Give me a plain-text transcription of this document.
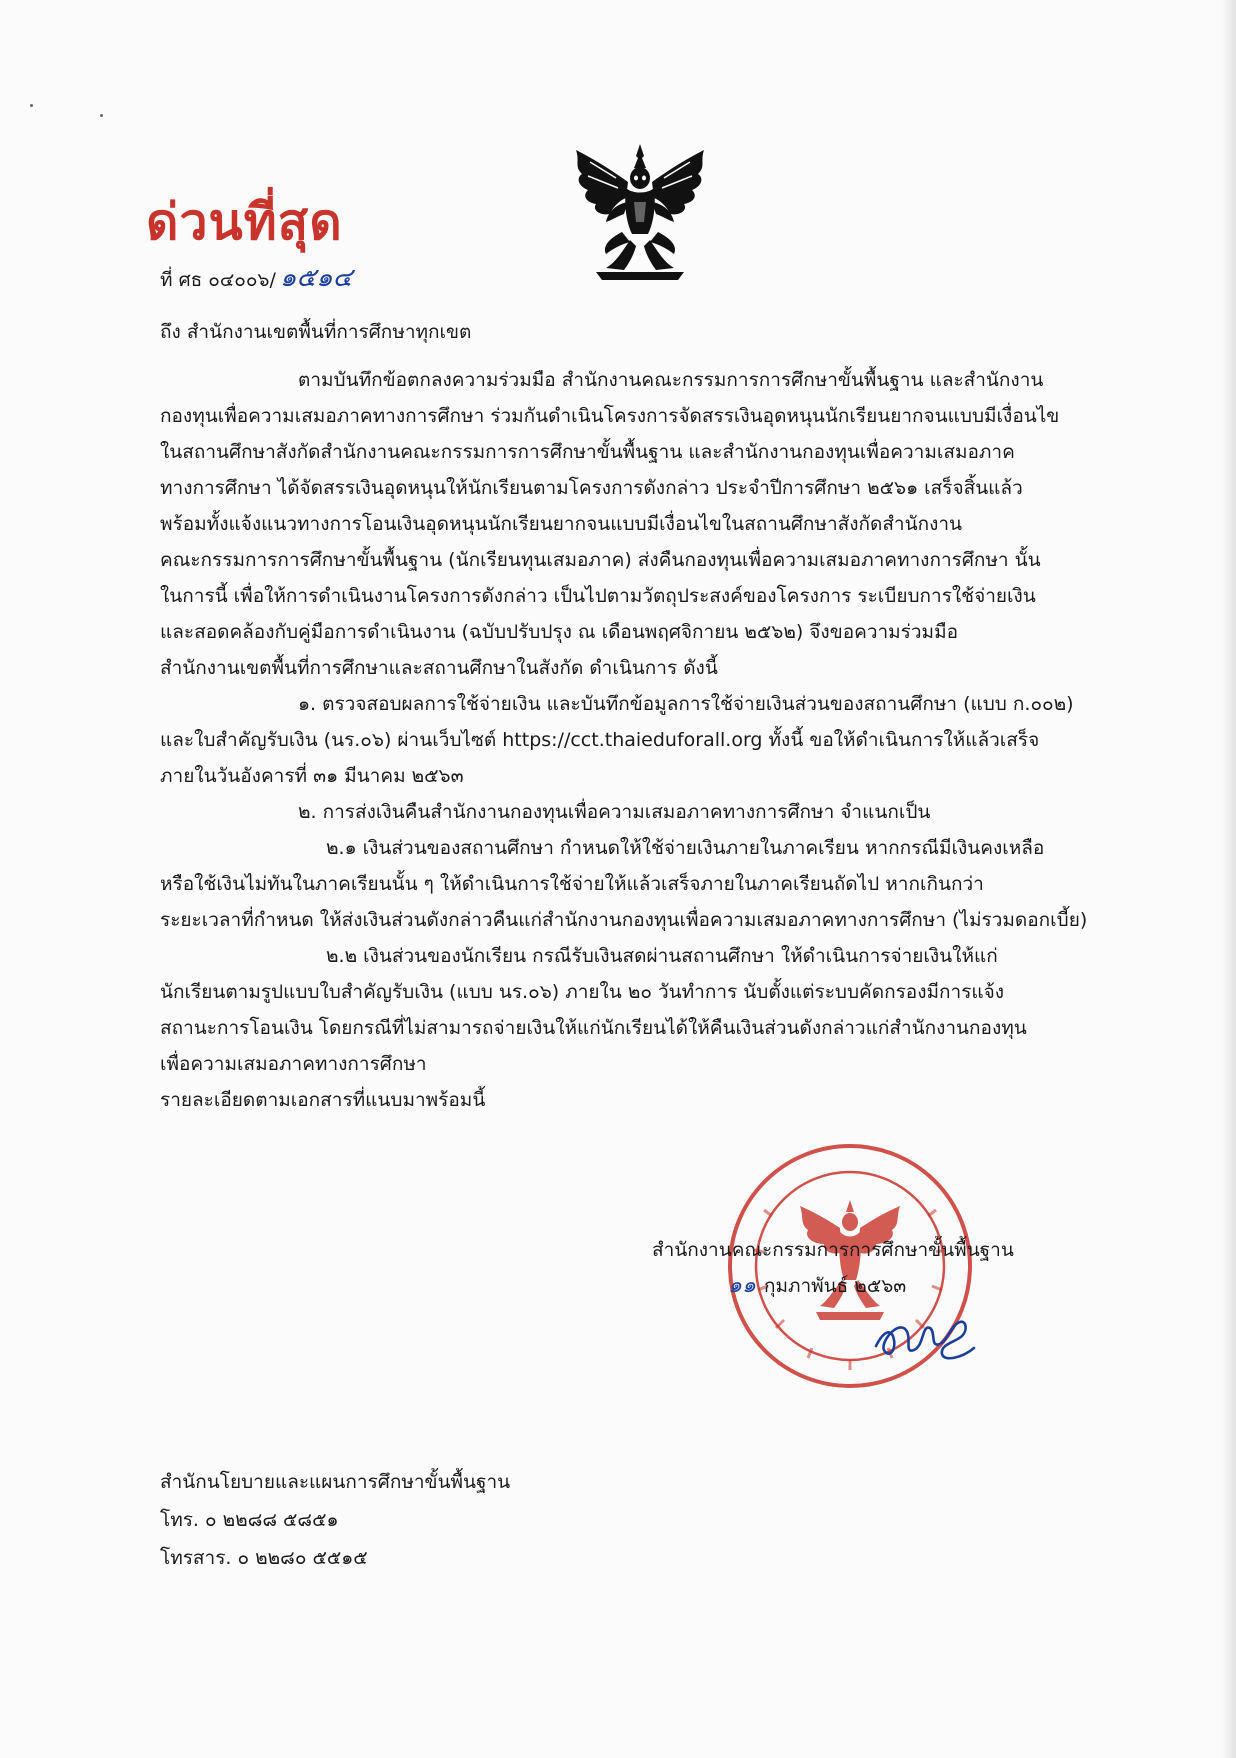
ด่วนที่สุด
ที่ ศธ ๐๔๐๐๖/ ๑๕๑๔
ถึง สำนักงานเขตพื้นที่การศึกษาทุกเขต
ตามบันทึกข้อตกลงความร่วมมือ สำนักงานคณะกรรมการการศึกษาขั้นพื้นฐาน และสำนักงาน
กองทุนเพื่อความเสมอภาคทางการศึกษา ร่วมกันดำเนินโครงการจัดสรรเงินอุดหนุนนักเรียนยากจนแบบมีเงื่อนไข
ในสถานศึกษาสังกัดสำนักงานคณะกรรมการการศึกษาขั้นพื้นฐาน และสำนักงานกองทุนเพื่อความเสมอภาค
ทางการศึกษา ได้จัดสรรเงินอุดหนุนให้นักเรียนตามโครงการดังกล่าว ประจำปีการศึกษา ๒๕๖๑ เสร็จสิ้นแล้ว
พร้อมทั้งแจ้งแนวทางการโอนเงินอุดหนุนนักเรียนยากจนแบบมีเงื่อนไขในสถานศึกษาสังกัดสำนักงาน
คณะกรรมการการศึกษาขั้นพื้นฐาน (นักเรียนทุนเสมอภาค) ส่งคืนกองทุนเพื่อความเสมอภาคทางการศึกษา นั้น
ในการนี้ เพื่อให้การดำเนินงานโครงการดังกล่าว เป็นไปตามวัตถุประสงค์ของโครงการ ระเบียบการใช้จ่ายเงิน
และสอดคล้องกับคู่มือการดำเนินงาน (ฉบับปรับปรุง ณ เดือนพฤศจิกายน ๒๕๖๒) จึงขอความร่วมมือ
สำนักงานเขตพื้นที่การศึกษาและสถานศึกษาในสังกัด ดำเนินการ ดังนี้
๑. ตรวจสอบผลการใช้จ่ายเงิน และบันทึกข้อมูลการใช้จ่ายเงินส่วนของสถานศึกษา (แบบ ก.๐๐๒)
และใบสำคัญรับเงิน (นร.๐๖) ผ่านเว็บไซต์ https://cct.thaieduforall.org ทั้งนี้ ขอให้ดำเนินการให้แล้วเสร็จ
ภายในวันอังคารที่ ๓๑ มีนาคม ๒๕๖๓
๒. การส่งเงินคืนสำนักงานกองทุนเพื่อความเสมอภาคทางการศึกษา จำแนกเป็น
๒.๑ เงินส่วนของสถานศึกษา กำหนดให้ใช้จ่ายเงินภายในภาคเรียน หากกรณีมีเงินคงเหลือ
หรือใช้เงินไม่ทันในภาคเรียนนั้น ๆ ให้ดำเนินการใช้จ่ายให้แล้วเสร็จภายในภาคเรียนถัดไป หากเกินกว่า
ระยะเวลาที่กำหนด ให้ส่งเงินส่วนดังกล่าวคืนแก่สำนักงานกองทุนเพื่อความเสมอภาคทางการศึกษา (ไม่รวมดอกเบี้ย)
๒.๒ เงินส่วนของนักเรียน กรณีรับเงินสดผ่านสถานศึกษา ให้ดำเนินการจ่ายเงินให้แก่
นักเรียนตามรูปแบบใบสำคัญรับเงิน (แบบ นร.๐๖) ภายใน ๒๐ วันทำการ นับตั้งแต่ระบบคัดกรองมีการแจ้ง
สถานะการโอนเงิน โดยกรณีที่ไม่สามารถจ่ายเงินให้แก่นักเรียนได้ให้คืนเงินส่วนดังกล่าวแก่สำนักงานกองทุน
เพื่อความเสมอภาคทางการศึกษา
รายละเอียดตามเอกสารที่แนบมาพร้อมนี้
สำนักงานคณะกรรมการการศึกษาขั้นพื้นฐาน
๑๑ กุมภาพันธ์ ๒๕๖๓
สำนักนโยบายและแผนการศึกษาขั้นพื้นฐาน
โทร. ๐ ๒๒๘๘ ๕๘๕๑
โทรสาร. ๐ ๒๒๘๐ ๕๕๑๕
